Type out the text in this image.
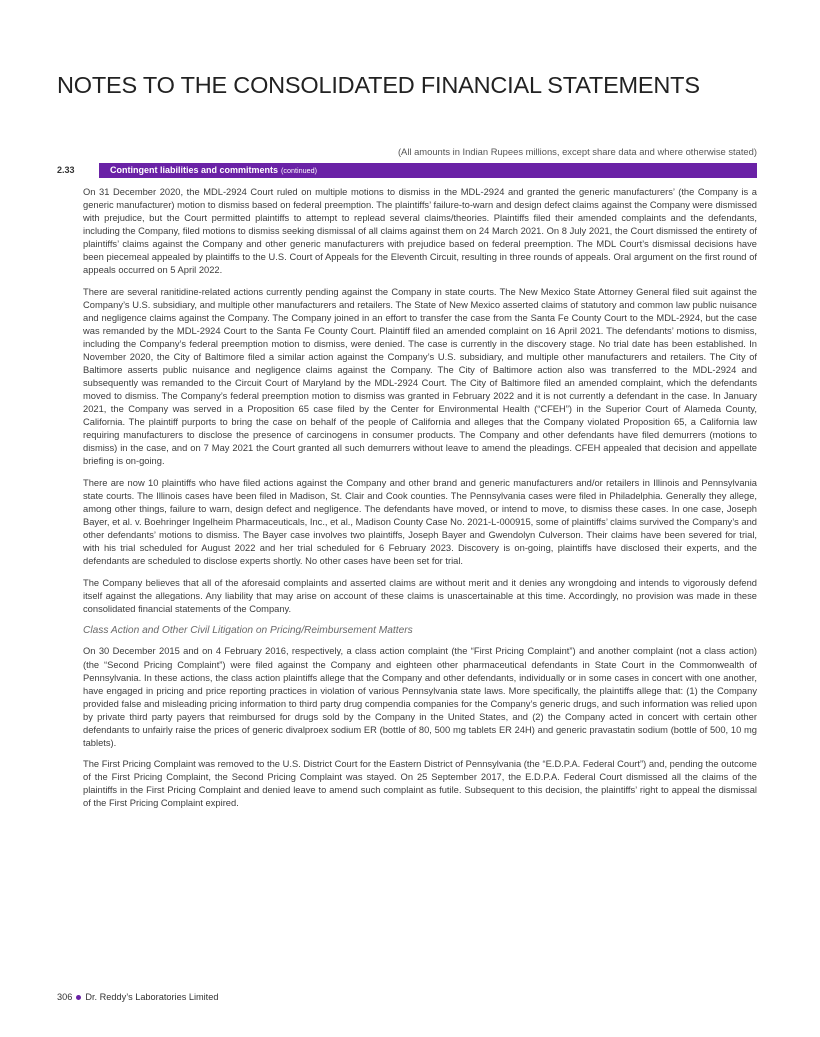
NOTES TO THE CONSOLIDATED FINANCIAL STATEMENTS
(All amounts in Indian Rupees millions, except share data and where otherwise stated)
2.33	Contingent liabilities and commitments (continued)

On 31 December 2020, the MDL-2924 Court ruled on multiple motions to dismiss in the MDL-2924 and granted the generic manufacturers’ (the Company is a generic manufacturer) motion to dismiss based on federal preemption. The plaintiffs’ failure-to-warn and design defect claims against the Company were dismissed with prejudice, but the Court permitted plaintiffs to attempt to replead several claims/theories. Plaintiffs filed their amended complaints and the defendants, including the Company, filed motions to dismiss seeking dismissal of all claims against them on 24 March 2021. On 8 July 2021, the Court dismissed the entirety of plaintiffs’ claims against the Company and other generic manufacturers with prejudice based on federal preemption. The MDL Court’s dismissal decisions have been piecemeal appealed by plaintiffs to the U.S. Court of Appeals for the Eleventh Circuit, resulting in three rounds of appeals. Oral argument on the first round of appeals occurred on 5 April 2022.

There are several ranitidine-related actions currently pending against the Company in state courts. The New Mexico State Attorney General filed suit against the Company’s U.S. subsidiary, and multiple other manufacturers and retailers. The State of New Mexico asserted claims of statutory and common law public nuisance and negligence claims against the Company. The Company joined in an effort to transfer the case from the Santa Fe County Court to the MDL-2924, but the case was remanded by the MDL-2924 Court to the Santa Fe County Court. Plaintiff filed an amended complaint on 16 April 2021. The defendants’ motions to dismiss, including the Company’s federal preemption motion to dismiss, were denied. The case is currently in the discovery stage. No trial date has been established. In November 2020, the City of Baltimore filed a similar action against the Company’s U.S. subsidiary, and multiple other manufacturers and retailers. The City of Baltimore asserts public nuisance and negligence claims against the Company. The City of Baltimore action also was transferred to the MDL-2924 and subsequently was remanded to the Circuit Court of Maryland by the MDL-2924 Court. The City of Baltimore filed an amended complaint, which the defendants moved to dismiss. The Company’s federal preemption motion to dismiss was granted in February 2022 and it is not currently a defendant in the case. In January 2021, the Company was served in a Proposition 65 case filed by the Center for Environmental Health (“CFEH”) in the Superior Court of Alameda County, California. The plaintiff purports to bring the case on behalf of the people of California and alleges that the Company violated Proposition 65, a California law requiring manufacturers to disclose the presence of carcinogens in consumer products. The Company and other defendants have filed demurrers (motions to dismiss) in the case, and on 7 May 2021 the Court granted all such demurrers without leave to amend the pleadings. CFEH appealed that decision and appellate briefing is on-going.

There are now 10 plaintiffs who have filed actions against the Company and other brand and generic manufacturers and/or retailers in Illinois and Pennsylvania state courts. The Illinois cases have been filed in Madison, St. Clair and Cook counties. The Pennsylvania cases were filed in Philadelphia. Generally they allege, among other things, failure to warn, design defect and negligence. The defendants have moved, or intend to move, to dismiss these cases. In one case, Joseph Bayer, et al. v. Boehringer Ingelheim Pharmaceuticals, Inc., et al., Madison County Case No. 2021-L-000915, some of plaintiffs’ claims survived the Company’s and other defendants’ motions to dismiss. The Bayer case involves two plaintiffs, Joseph Bayer and Gwendolyn Culverson. Their claims have been severed for trial, with his trial scheduled for August 2022 and her trial scheduled for 6 February 2023. Discovery is on-going, plaintiffs have disclosed their experts, and the defendants are scheduled to disclose experts shortly. No other cases have been set for trial.

The Company believes that all of the aforesaid complaints and asserted claims are without merit and it denies any wrongdoing and intends to vigorously defend itself against the allegations. Any liability that may arise on account of these claims is unascertainable at this time. Accordingly, no provision was made in these consolidated financial statements of the Company.

Class Action and Other Civil Litigation on Pricing/Reimbursement Matters

On 30 December 2015 and on 4 February 2016, respectively, a class action complaint (the “First Pricing Complaint”) and another complaint (not a class action) (the “Second Pricing Complaint”) were filed against the Company and eighteen other pharmaceutical defendants in State Court in the Commonwealth of Pennsylvania. In these actions, the class action plaintiffs allege that the Company and other defendants, individually or in some cases in concert with one another, have engaged in pricing and price reporting practices in violation of various Pennsylvania state laws. More specifically, the plaintiffs allege that: (1) the Company provided false and misleading pricing information to third party drug compendia companies for the Company’s generic drugs, and such information was relied upon by private third party payers that reimbursed for drugs sold by the Company in the United States, and (2) the Company acted in concert with certain other defendants to unfairly raise the prices of generic divalproex sodium ER (bottle of 80, 500 mg tablets ER 24H) and generic pravastatin sodium (bottle of 500, 10 mg tablets).

The First Pricing Complaint was removed to the U.S. District Court for the Eastern District of Pennsylvania (the “E.D.P.A. Federal Court”) and, pending the outcome of the First Pricing Complaint, the Second Pricing Complaint was stayed. On 25 September 2017, the E.D.P.A. Federal Court dismissed all the claims of the plaintiffs in the First Pricing Complaint and denied leave to amend such complaint as futile. Subsequent to this decision, the plaintiffs’ right to appeal the dismissal of the First Pricing Complaint expired.

306 Dr. Reddy’s Laboratories Limited
